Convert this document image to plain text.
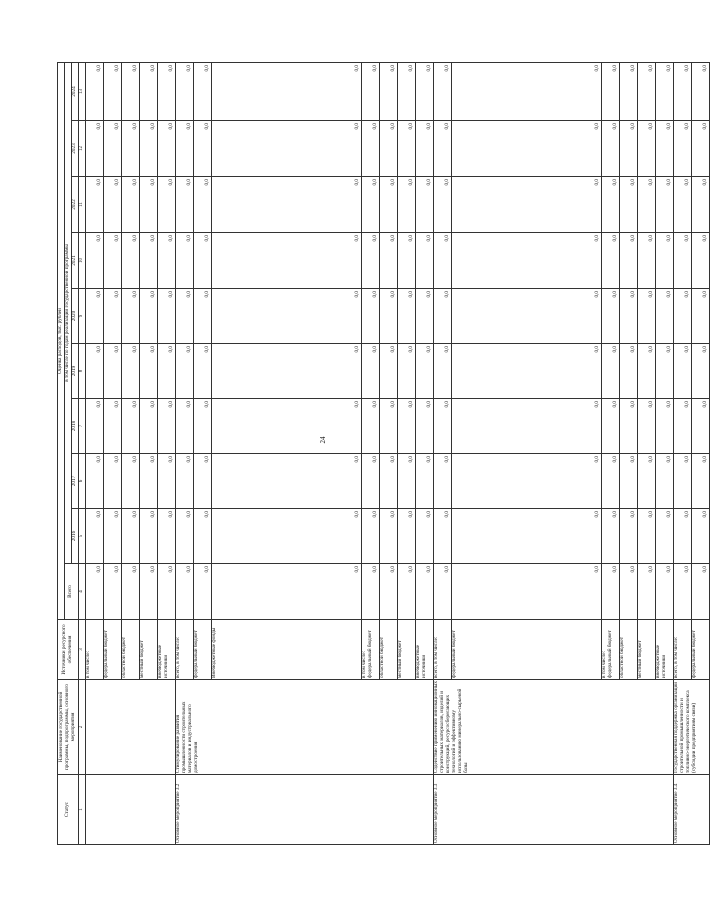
24
Статус	Наименование государственной программы, подпрограммы, основного мероприятия	Источники ресурсного обеспечения	Оценка расходов, тыс. рублей									
			Всего	в том числе по годам реализации государственной программы								
				2016	2017	2018	2019	2020	2021	2022	2023	2024
1	2	3	4	5	6	7	8	9	10	11	12	13
		в том числе:	0,0	0,0	0,0	0,0	0,0	0,0	0,0	0,0	0,0	0,0
		федеральный бюджет	0,0	0,0	0,0	0,0	0,0	0,0	0,0	0,0	0,0	0,0
		областной бюджет	0,0	0,0	0,0	0,0	0,0	0,0	0,0	0,0	0,0	0,0
		местный бюджет	0,0	0,0	0,0	0,0	0,0	0,0	0,0	0,0	0,0	0,0
		внебюджетные источники	0,0	0,0	0,0	0,0	0,0	0,0	0,0	0,0	0,0	0,0
Основное мероприятие 3.2	Стимулирование развития промышленности строительных материалов и индустриального домостроения	всего, в том числе:	0,0	0,0	0,0	0,0	0,0	0,0	0,0	0,0	0,0	0,0
		федеральный бюджет	0,0	0,0	0,0	0,0	0,0	0,0	0,0	0,0	0,0	0,0
		Внебюджетные фонды	0,0	0,0	0,0	0,0	0,0	0,0	0,0	0,0	0,0	0,0
		в том числе: федеральный бюджет	0,0	0,0	0,0	0,0	0,0	0,0	0,0	0,0	0,0	0,0
		областной бюджет	0,0	0,0	0,0	0,0	0,0	0,0	0,0	0,0	0,0	0,0
		местный бюджет	0,0	0,0	0,0	0,0	0,0	0,0	0,0	0,0	0,0	0,0
		внебюджетные источники	0,0	0,0	0,0	0,0	0,0	0,0	0,0	0,0	0,0	0,0
Основное мероприятие 3.3	Содействие применению инновационных строительных материалов, изделий и конструкций, ресурсосберегающих технологий и эффективному использованию минерально-сырьевой базы	всего, в том числе:	0,0	0,0	0,0	0,0	0,0	0,0	0,0	0,0	0,0	0,0
		федеральный бюджет	0,0	0,0	0,0	0,0	0,0	0,0	0,0	0,0	0,0	0,0
		в том числе: федеральный бюджет	0,0	0,0	0,0	0,0	0,0	0,0	0,0	0,0	0,0	0,0
		областной бюджет	0,0	0,0	0,0	0,0	0,0	0,0	0,0	0,0	0,0	0,0
		местный бюджет	0,0	0,0	0,0	0,0	0,0	0,0	0,0	0,0	0,0	0,0
		внебюджетные источники	0,0	0,0	0,0	0,0	0,0	0,0	0,0	0,0	0,0	0,0
Основное мероприятие 3.4	Государственная поддержка организаций строительной промышленности и топливно-энергетического комплекса (субсидии предприятиям связи)	всего, в том числе:	0,0	0,0	0,0	0,0	0,0	0,0	0,0	0,0	0,0	0,0
		федеральный бюджет	0,0	0,0	0,0	0,0	0,0	0,0	0,0	0,0	0,0	0,0
